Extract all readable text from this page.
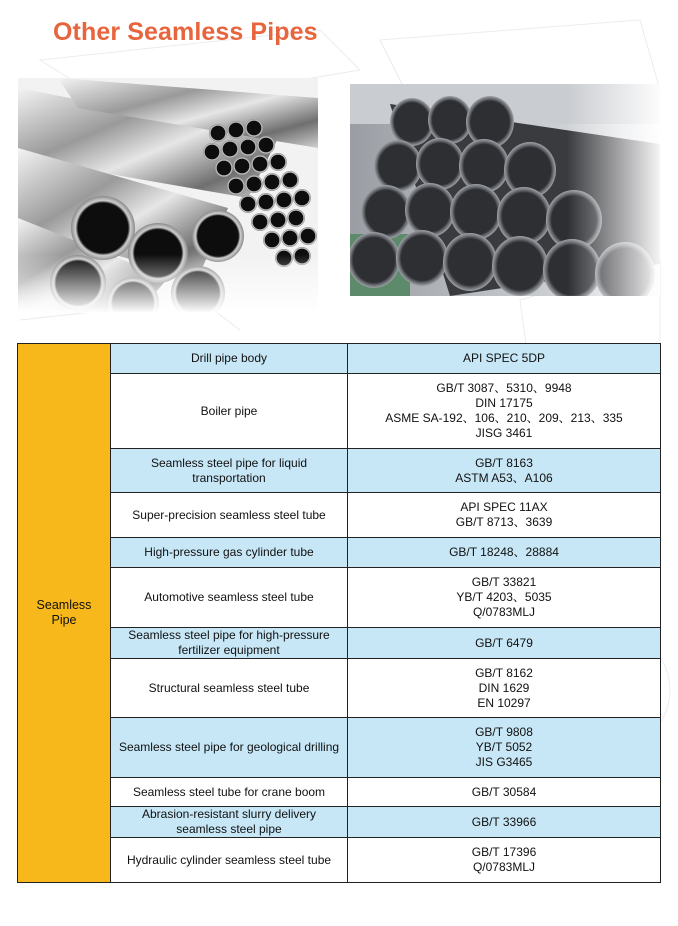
Other Seamless Pipes
Seamless
Pipe	Drill pipe body	API SPEC 5DP

	Boiler pipe	GB/T 3087、5310、9948
DIN 17175
ASME SA-192、106、210、209、213、335
JISG 3461

	Seamless steel pipe for liquid
transportation	GB/T 8163
ASTM A53、A106

	Super-precision seamless steel tube	API SPEC 11AX
GB/T 8713、3639

	High-pressure gas cylinder tube	GB/T 18248、28884

	Automotive seamless steel tube	GB/T 33821
YB/T 4203、5035
Q/0783MLJ

	Seamless steel pipe for high-pressure
fertilizer equipment	GB/T 6479

	Structural seamless steel tube	GB/T 8162
DIN 1629
EN 10297

	Seamless steel pipe for geological drilling	GB/T 9808
YB/T 5052
JIS G3465

	Seamless steel tube for crane boom	GB/T 30584

	Abrasion-resistant slurry delivery
seamless steel pipe	GB/T 33966

	Hydraulic cylinder seamless steel tube	GB/T 17396
Q/0783MLJ
